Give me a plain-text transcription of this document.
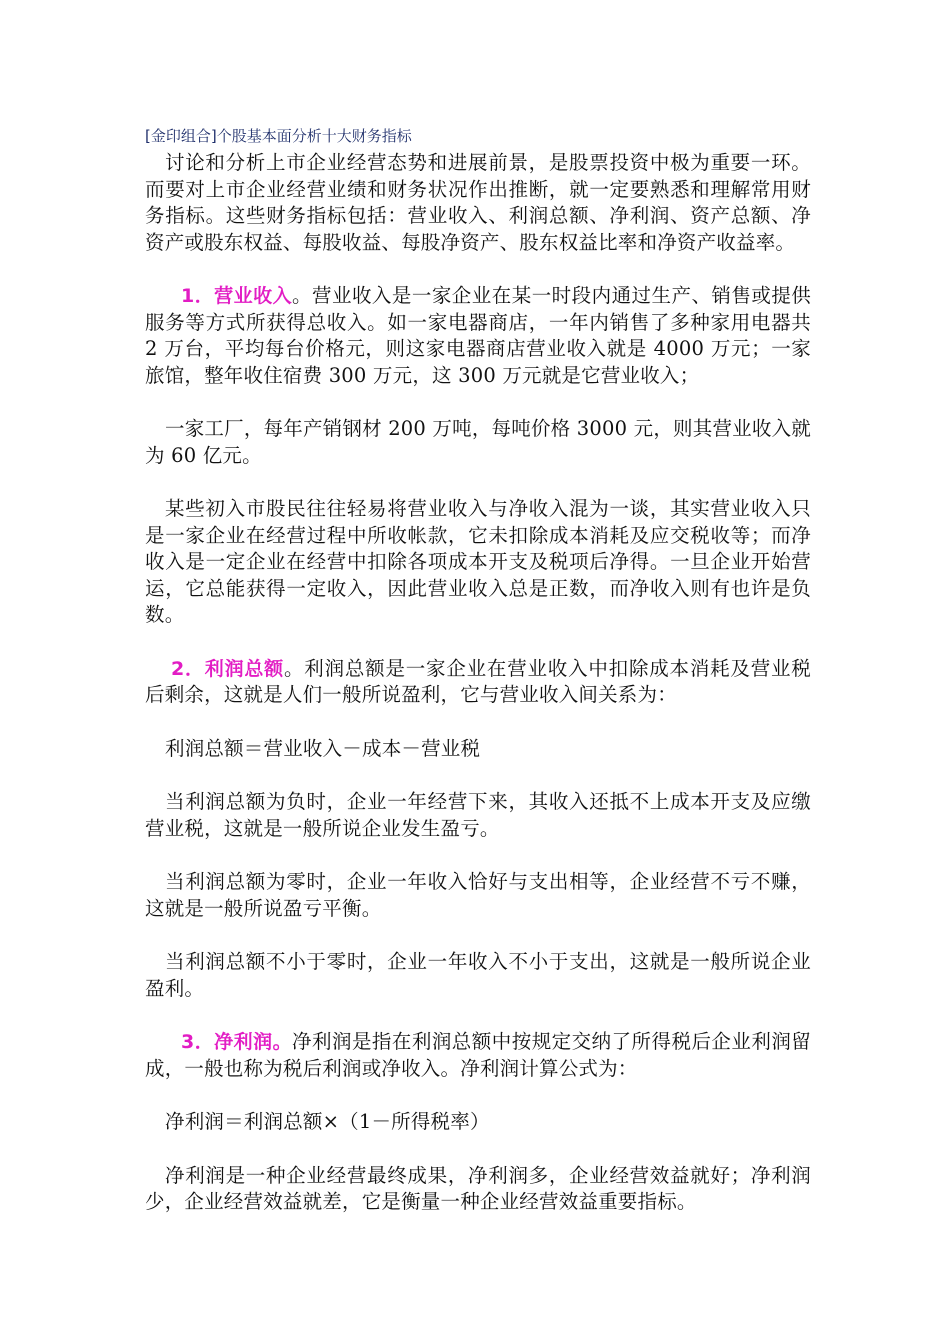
[金印组合]个股基本面分析十大财务指标

讨论和分析上市企业经营态势和进展前景，是股票投资中极为重要一环。而要对上市企业经营业绩和财务状况作出推断，就一定要熟悉和理解常用财务指标。这些财务指标包括：营业收入、利润总额、净利润、资产总额、净资产或股东权益、每股收益、每股净资产、股东权益比率和净资产收益率。

1．营业收入。营业收入是一家企业在某一时段内通过生产、销售或提供服务等方式所获得总收入。如一家电器商店，一年内销售了多种家用电器共 2 万台，平均每台价格元，则这家电器商店营业收入就是 4000 万元；一家旅馆，整年收住宿费 300 万元，这 300 万元就是它营业收入；

一家工厂，每年产销钢材 200 万吨，每吨价格 3000 元，则其营业收入就为 60 亿元。

某些初入市股民往往轻易将营业收入与净收入混为一谈，其实营业收入只是一家企业在经营过程中所收帐款，它未扣除成本消耗及应交税收等；而净收入是一定企业在经营中扣除各项成本开支及税项后净得。一旦企业开始营运，它总能获得一定收入，因此营业收入总是正数，而净收入则有也许是负数。

2．利润总额。利润总额是一家企业在营业收入中扣除成本消耗及营业税后剩余，这就是人们一般所说盈利，它与营业收入间关系为：

利润总额＝营业收入－成本－营业税

当利润总额为负时，企业一年经营下来，其收入还抵不上成本开支及应缴营业税，这就是一般所说企业发生盈亏。

当利润总额为零时，企业一年收入恰好与支出相等，企业经营不亏不赚，这就是一般所说盈亏平衡。

当利润总额不小于零时，企业一年收入不小于支出，这就是一般所说企业盈利。

3．净利润。净利润是指在利润总额中按规定交纳了所得税后企业利润留成，一般也称为税后利润或净收入。净利润计算公式为：

净利润＝利润总额×（1－所得税率）

净利润是一种企业经营最终成果，净利润多，企业经营效益就好；净利润少，企业经营效益就差，它是衡量一种企业经营效益重要指标。
